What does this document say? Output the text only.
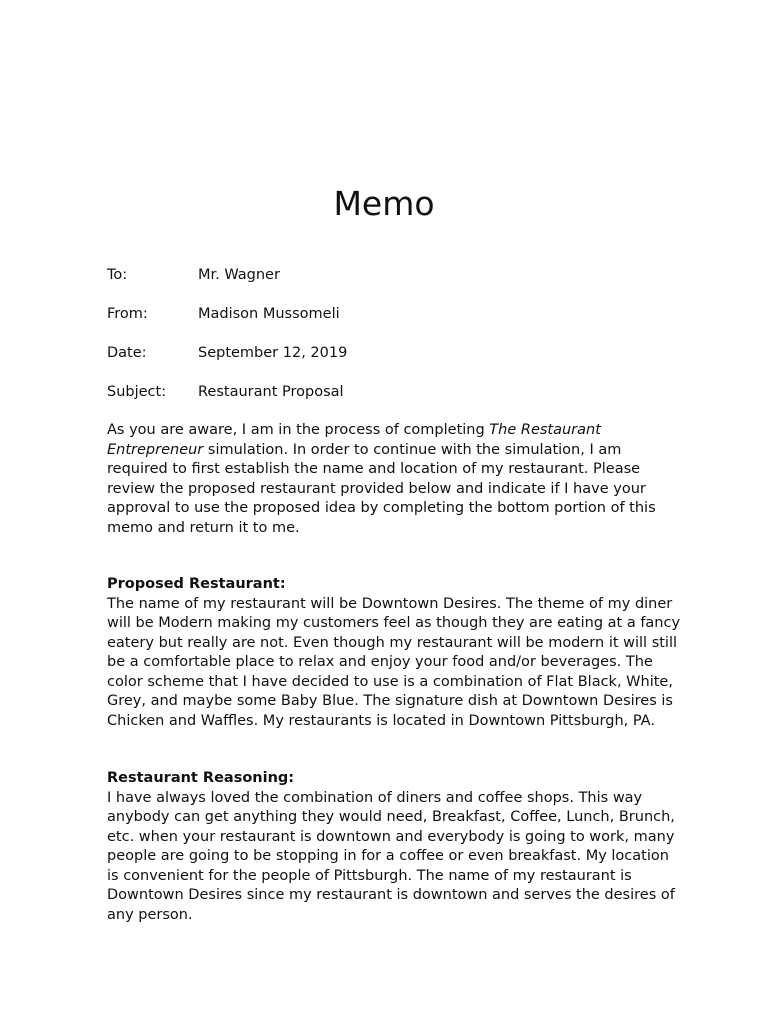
Memo
To:	Mr. Wagner
From:	Madison Mussomeli
Date:	September 12, 2019
Subject: Restaurant Proposal
As you are aware, I am in the process of completing The Restaurant
Entrepreneur simulation. In order to continue with the simulation, I am
required to first establish the name and location of my restaurant. Please
review the proposed restaurant provided below and indicate if I have your
approval to use the proposed idea by completing the bottom portion of this
memo and return it to me.
Proposed Restaurant:
The name of my restaurant will be Downtown Desires. The theme of my diner
will be Modern making my customers feel as though they are eating at a fancy
eatery but really are not. Even though my restaurant will be modern it will still
be a comfortable place to relax and enjoy your food and/or beverages. The
color scheme that I have decided to use is a combination of Flat Black, White,
Grey, and maybe some Baby Blue. The signature dish at Downtown Desires is
Chicken and Waffles. My restaurants is located in Downtown Pittsburgh, PA.
Restaurant Reasoning:
I have always loved the combination of diners and coffee shops. This way
anybody can get anything they would need, Breakfast, Coffee, Lunch, Brunch,
etc. when your restaurant is downtown and everybody is going to work, many
people are going to be stopping in for a coffee or even breakfast. My location
is convenient for the people of Pittsburgh. The name of my restaurant is
Downtown Desires since my restaurant is downtown and serves the desires of
any person.
